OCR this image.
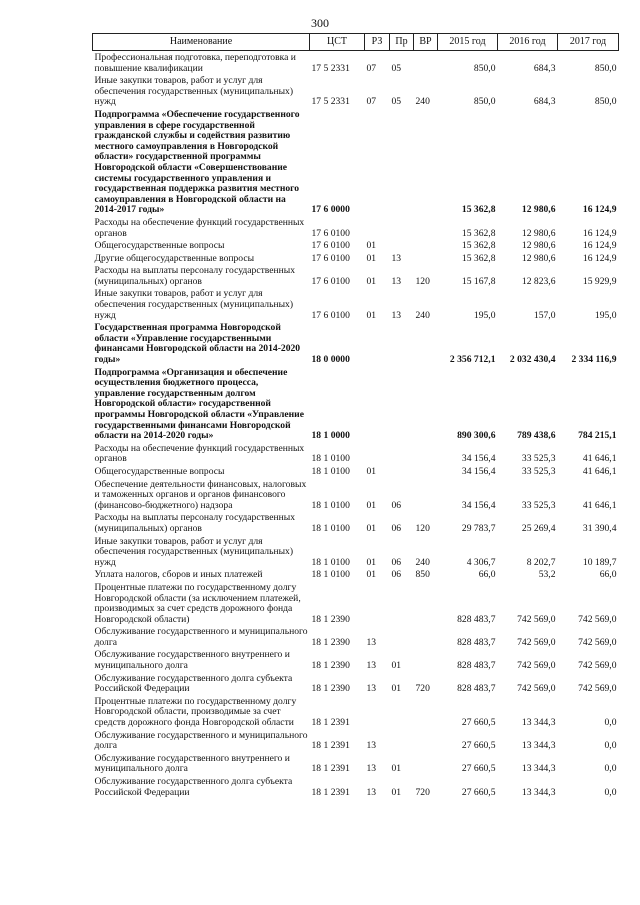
300
Наименование	ЦСТ	РЗ	Пр	ВР	2015 год	2016 год	2017 год
Профессиональная подготовка, переподготовка и повышение квалификации	17 5 2331	07	05		850,0	684,3	850,0
Иные закупки товаров, работ и услуг для обеспечения государственных (муниципальных) нужд	17 5 2331	07	05	240	850,0	684,3	850,0
Подпрограмма «Обеспечение государственного управления в сфере государственной гражданской службы и содействия развитию местного самоуправления в Новгородской области» государственной программы Новгородской области «Совершенствование системы государственного управления и государственная поддержка развития местного самоуправления в Новгородской области на 2014-2017 годы»	17 6 0000				15 362,8	12 980,6	16 124,9
Расходы на обеспечение функций государственных органов	17 6 0100				15 362,8	12 980,6	16 124,9
Общегосударственные вопросы	17 6 0100	01			15 362,8	12 980,6	16 124,9
Другие общегосударственные вопросы	17 6 0100	01	13		15 362,8	12 980,6	16 124,9
Расходы на выплаты персоналу государственных (муниципальных) органов	17 6 0100	01	13	120	15 167,8	12 823,6	15 929,9
Иные закупки товаров, работ и услуг для обеспечения государственных (муниципальных) нужд	17 6 0100	01	13	240	195,0	157,0	195,0
Государственная программа Новгородской области «Управление государственными финансами Новгородской области на 2014-2020 годы»	18 0 0000				2 356 712,1	2 032 430,4	2 334 116,9
Подпрограмма «Организация и обеспечение осуществления бюджетного процесса, управление государственным долгом Новгородской области» государственной программы Новгородской области «Управление государственными финансами Новгородской области на 2014-2020 годы»	18 1 0000				890 300,6	789 438,6	784 215,1
Расходы на обеспечение функций государственных органов	18 1 0100				34 156,4	33 525,3	41 646,1
Общегосударственные вопросы	18 1 0100	01			34 156,4	33 525,3	41 646,1
Обеспечение деятельности финансовых, налоговых и таможенных органов и органов финансового (финансово-бюджетного) надзора	18 1 0100	01	06		34 156,4	33 525,3	41 646,1
Расходы на выплаты персоналу государственных (муниципальных) органов	18 1 0100	01	06	120	29 783,7	25 269,4	31 390,4
Иные закупки товаров, работ и услуг для обеспечения государственных (муниципальных) нужд	18 1 0100	01	06	240	4 306,7	8 202,7	10 189,7
Уплата налогов, сборов и иных платежей	18 1 0100	01	06	850	66,0	53,2	66,0
Процентные платежи по государственному долгу Новгородской области (за исключением платежей, производимых за счет средств дорожного фонда Новгородской области)	18 1 2390				828 483,7	742 569,0	742 569,0
Обслуживание государственного и муниципального долга	18 1 2390	13			828 483,7	742 569,0	742 569,0
Обслуживание государственного внутреннего и муниципального долга	18 1 2390	13	01		828 483,7	742 569,0	742 569,0
Обслуживание государственного долга субъекта Российской Федерации	18 1 2390	13	01	720	828 483,7	742 569,0	742 569,0
Процентные платежи по государственному долгу Новгородской области, производимые за счет средств дорожного фонда Новгородской области	18 1 2391				27 660,5	13 344,3	0,0
Обслуживание государственного и муниципального долга	18 1 2391	13			27 660,5	13 344,3	0,0
Обслуживание государственного внутреннего и муниципального долга	18 1 2391	13	01		27 660,5	13 344,3	0,0
Обслуживание государственного долга субъекта Российской Федерации	18 1 2391	13	01	720	27 660,5	13 344,3	0,0
